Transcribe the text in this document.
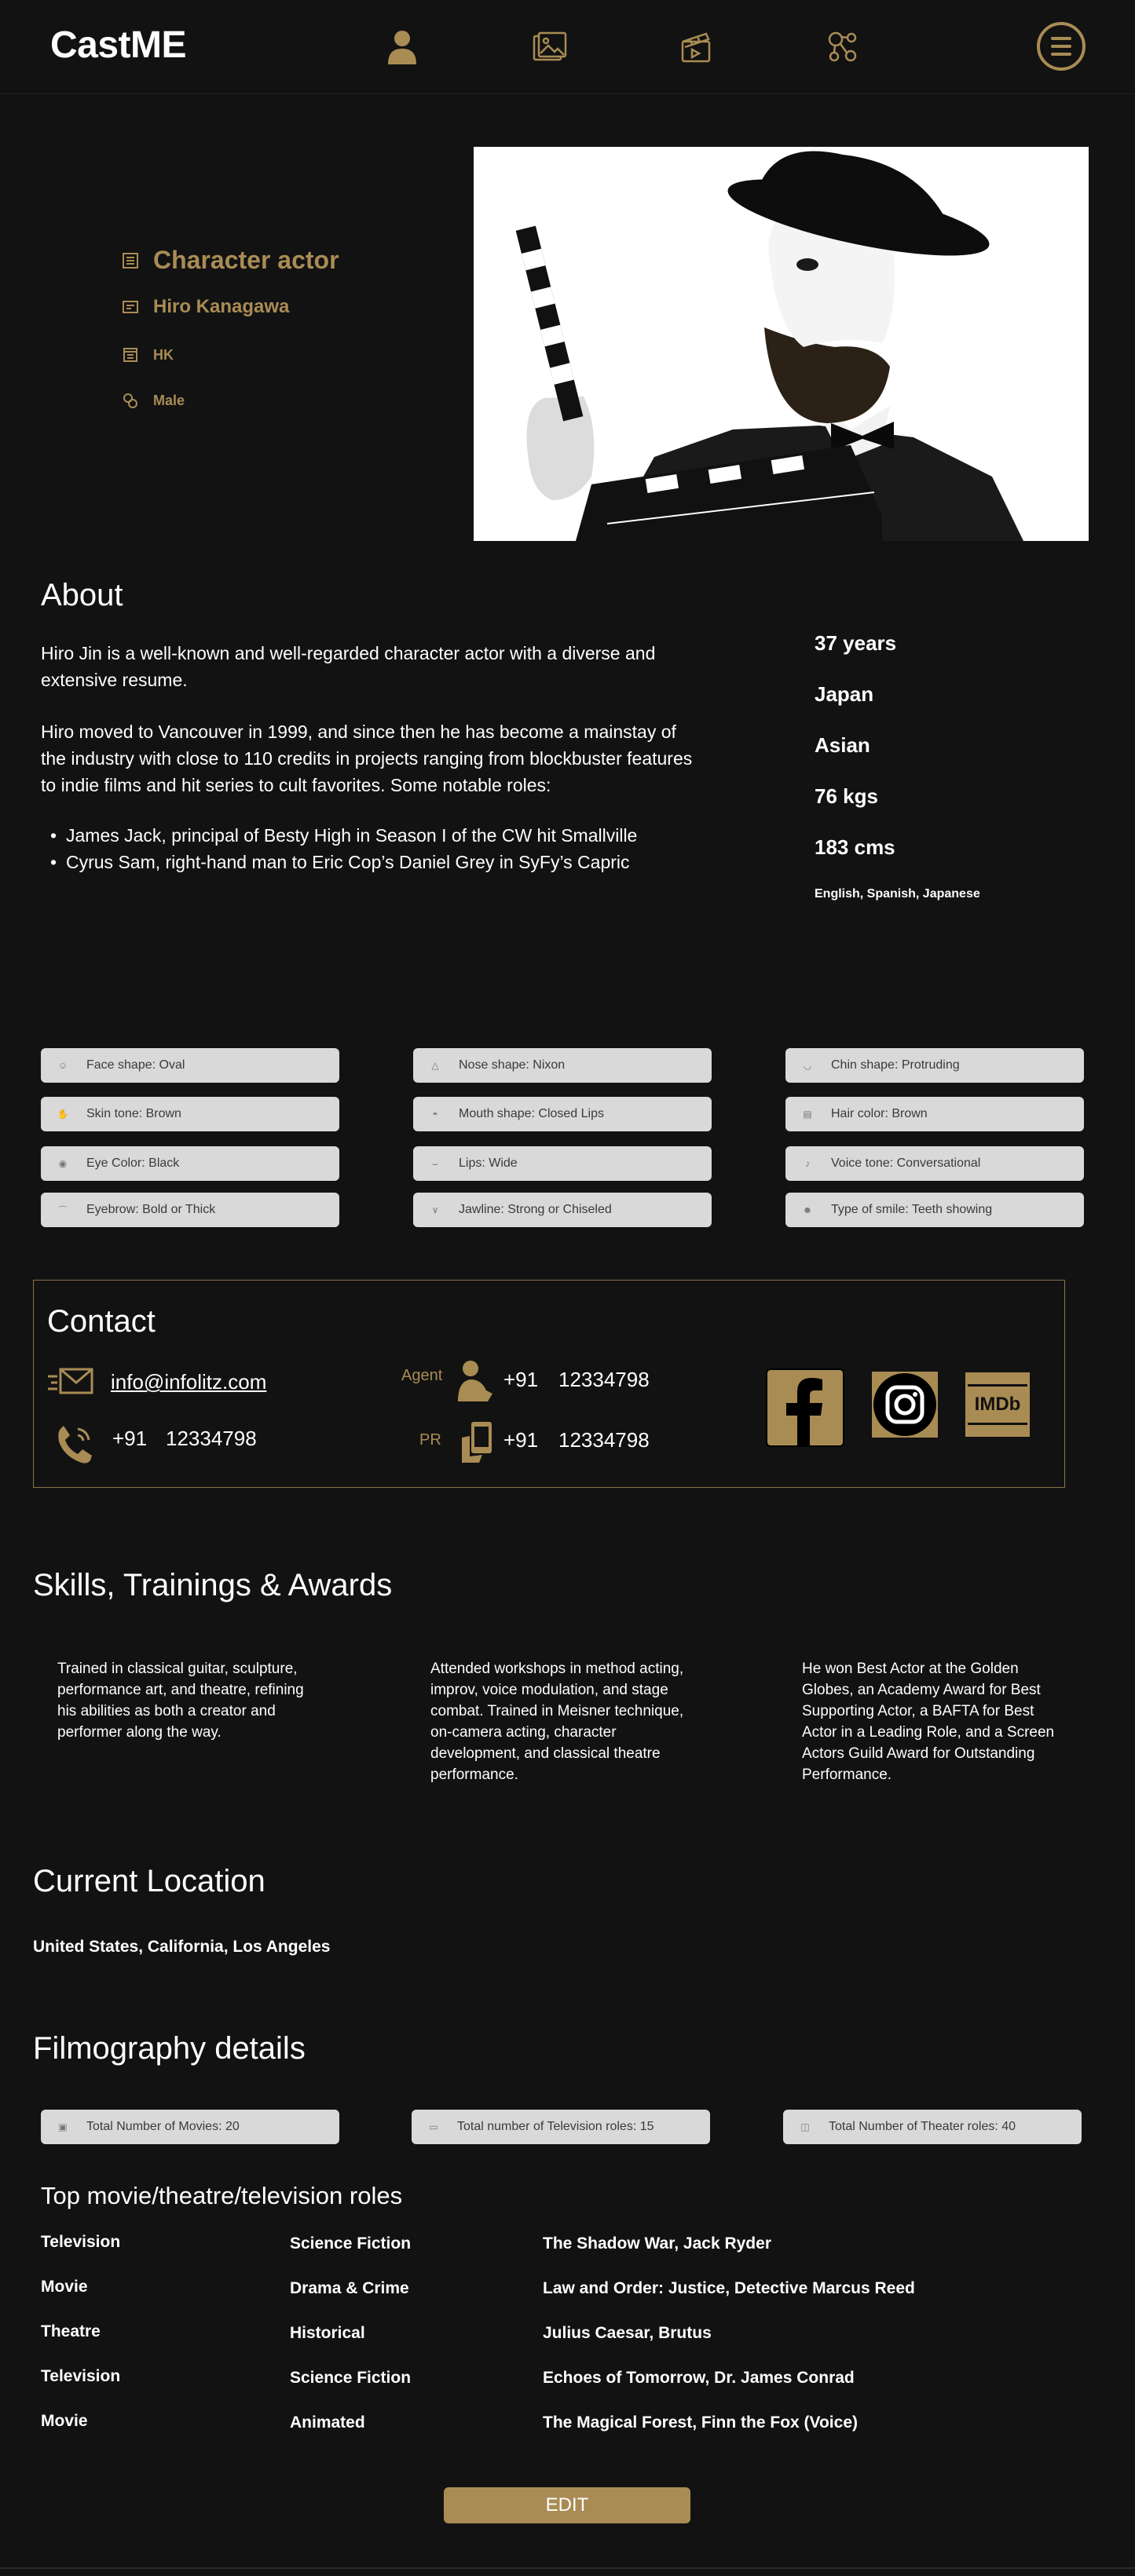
CastME
Character actor
Hiro Kanagawa
HK
Male
About

Hiro Jin is a well-known and well-regarded character actor with a diverse and extensive resume.

Hiro moved to Vancouver in 1999, and since then he has become a mainstay of the industry with close to 110 credits in projects ranging from blockbuster features to indie films and hit series to cult favorites. Some notable roles:

• James Jack, principal of Besty High in Season I of the CW hit Smallville
• Cyrus Sam, right-hand man to Eric Cop’s Daniel Grey in SyFy’s Capric
37 years
Japan
Asian
76 kgs
183 cms
English, Spanish, Japanese
☺ Face shape: Oval	△ Nose shape: Nixon	◡ Chin shape: Protruding
✋ Skin tone: Brown	◓ Mouth shape: Closed Lips	▤ Hair color: Brown
◉ Eye Color: Black	⌣ Lips: Wide	♪	Voice tone: Conversational
⌒ Eyebrow: Bold or Thick	∨ Jawline: Strong or Chiseled	☻ Type of smile: Teeth showing
Contact
info@infolitz.com
+91 12334798
Agent	+91 12334798
PR	+91 12334798
IMDb
Skills, Trainings & Awards
Trained in classical guitar, sculpture, performance art, and theatre, refining his abilities as both a creator and performer along the way.
Attended workshops in method acting, improv, voice modulation, and stage combat. Trained in Meisner technique, on-camera acting, character development, and classical theatre performance.
He won Best Actor at the Golden Globes, an Academy Award for Best Supporting Actor, a BAFTA for Best Actor in a Leading Role, and a Screen Actors Guild Award for Outstanding Performance.
Current Location
United States, California, Los Angeles
Filmography details
▣ Total Number of Movies: 20	▭ Total number of Television roles: 15	◫ Total Number of Theater roles: 40
Top movie/theatre/television roles
Television	Science Fiction	The Shadow War, Jack Ryder
Movie	Drama & Crime	Law and Order: Justice, Detective Marcus Reed
Theatre	Historical	Julius Caesar, Brutus
Television	Science Fiction	Echoes of Tomorrow, Dr. James Conrad
Movie	Animated	The Magical Forest, Finn the Fox (Voice)
EDIT
